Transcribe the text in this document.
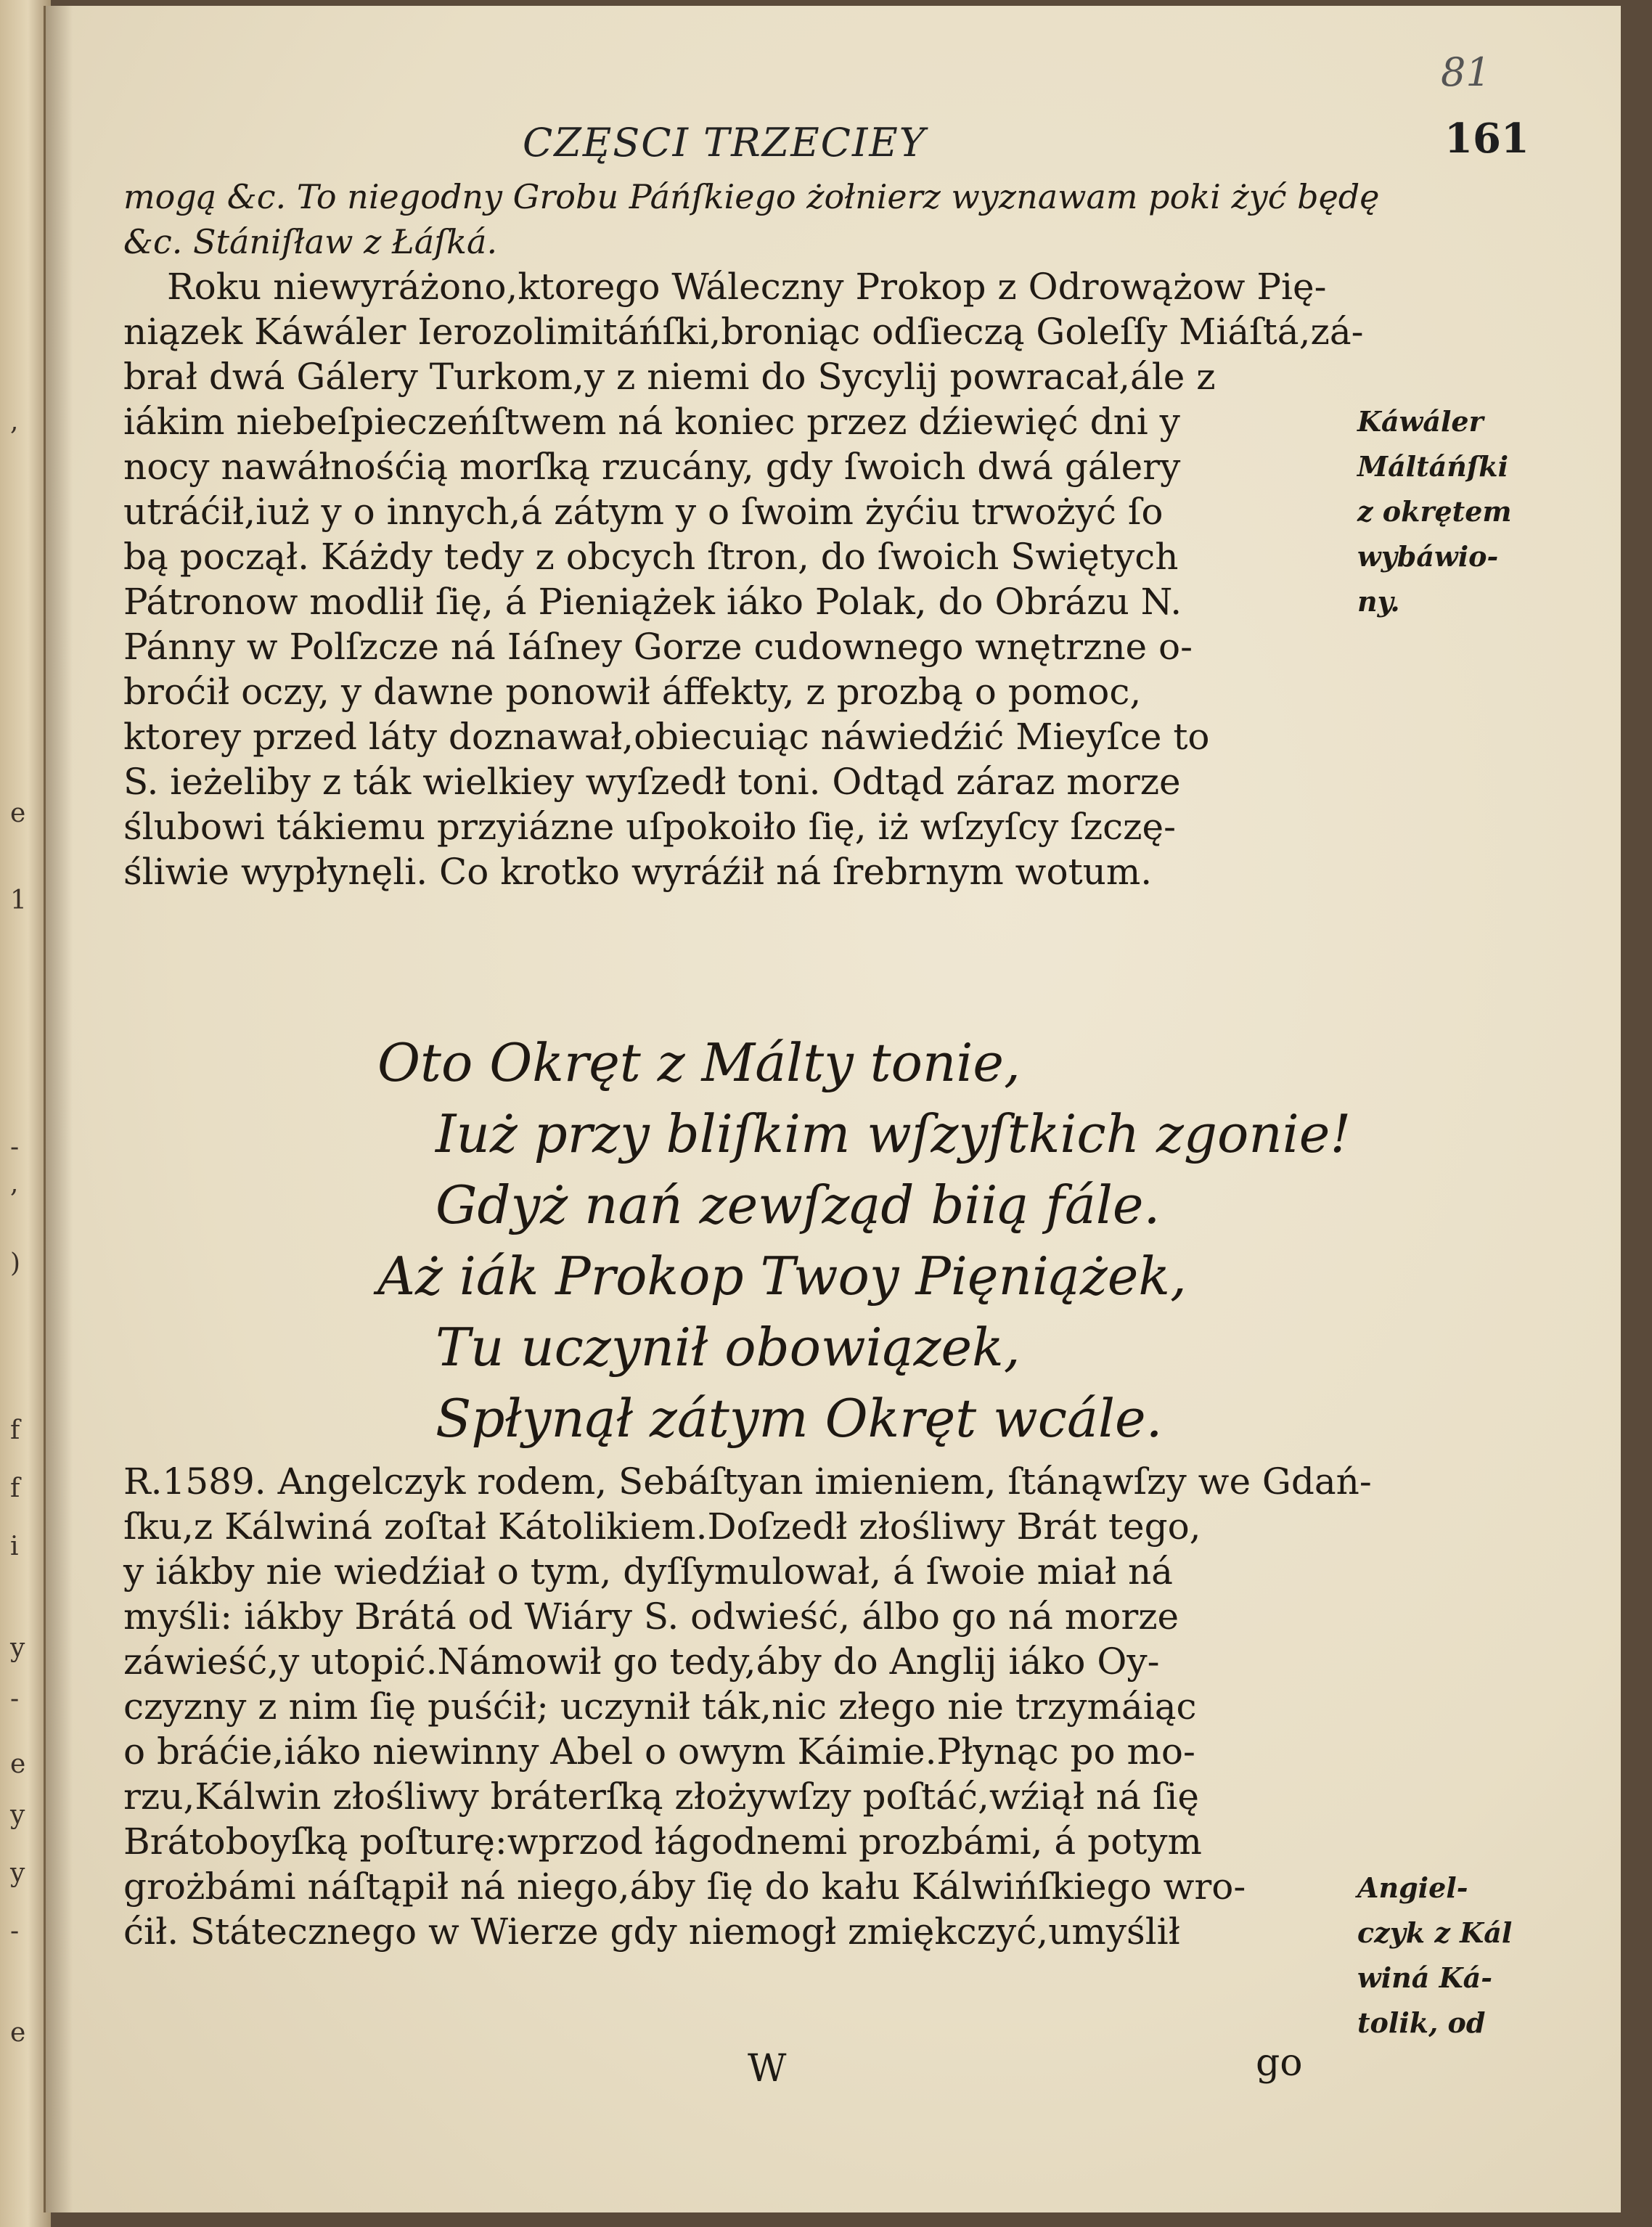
,
e
1
-
,
)
f
f
i
y
-
e
y
y
-
e
81
CZĘSCI TRZECIEY	161
mogą &c. To niegodny Grobu Páńſkiego żołnierz wyznawam poki żyć będę
&c. Stániſław z Łáſká.
Roku niewyráżono,ktorego Wáleczny Prokop z Odrowążow Pię-
niązek Káwáler Ierozolimitáńſki,broniąc odſieczą Goleſſy Miáſtá,zá-
brał dwá Gálery Turkom,y z niemi do Sycylij powracał,ále z
iákim niebeſpieczeńſtwem ná koniec przez dźiewięć dni y
nocy nawáłnośćią morſką rzucány, gdy ſwoich dwá gálery
utráćił,iuż y o innych,á zátym y o ſwoim żyćiu trwożyć ſo
bą począł. Káżdy tedy z obcych ſtron, do ſwoich Swiętych
Pátronow modlił ſię, á Pieniążek iáko Polak, do Obrázu N.
Pánny w Polſzcze ná Iáſney Gorze cudownego wnętrzne o-
broćił oczy, y dawne ponowił áffekty, z prozbą o pomoc,
ktorey przed láty doznawał,obiecuiąc náwiedźić Mieyſce to
S. ieżeliby z ták wielkiey wyſzedł toni. Odtąd záraz morze
ślubowi tákiemu przyiázne uſpokoiło ſię, iż wſzyſcy ſzczę-
śliwie wypłynęli. Co krotko wyráźił ná ſrebrnym wotum.
Káwáler
Máltáńſki
z okrętem
wybáwio-
ny.
Oto Okręt z Málty tonie,
Iuż przy bliſkim wſzyſtkich zgonie!
Gdyż nań zewſząd biią fále.
Aż iák Prokop Twoy Pięniążek,
Tu uczynił obowiązek,
Spłynął zátym Okręt wcále.
R.1589. Angelczyk rodem, Sebáſtyan imieniem, ſtánąwſzy we Gdań-
ſku,z Kálwiná zoſtał Kátolikiem.Doſzedł złośliwy Brát tego,
y iákby nie wiedźiał o tym, dyſſymulował, á ſwoie miał ná
myśli: iákby Brátá od Wiáry S. odwieść, álbo go ná morze
záwieść,y utopić.Námowił go tedy,áby do Anglij iáko Oy-
czyzny z nim ſię puśćił; uczynił ták,nic złego nie trzymáiąc
o bráćie,iáko niewinny Abel o owym Káimie.Płynąc po mo-
rzu,Kálwin złośliwy bráterſką złożywſzy poſtáć,wźiął ná ſię
Brátoboyſką poſturę:wprzod łágodnemi prozbámi, á potym
grożbámi náſtąpił ná niego,áby ſię do kału Kálwińſkiego wro-
ćił. Státecznego w Wierze gdy niemogł zmiękczyć,umyślił
Angiel-
czyk z Kál
winá Ká-
tolik, od
W	go
